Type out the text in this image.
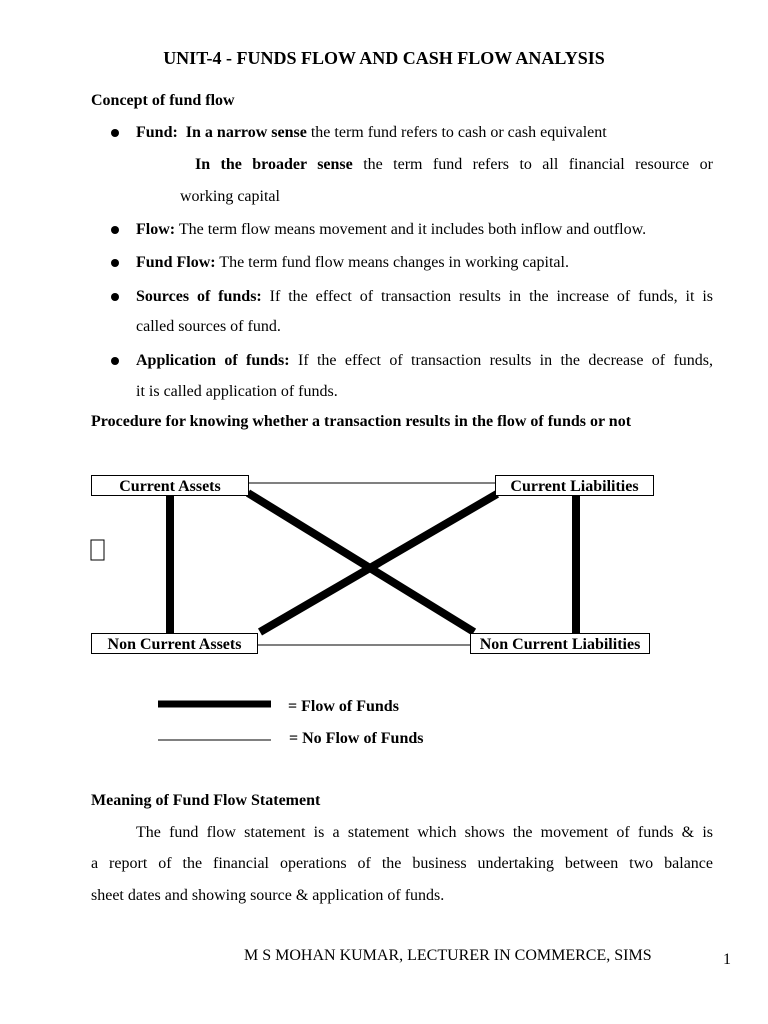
UNIT-4 - FUNDS FLOW AND CASH FLOW ANALYSIS
Concept of fund flow
Fund: In a narrow sense the term fund refers to cash or cash equivalent
In the broader sense the term fund refers to all financial resource or
working capital
Flow: The term flow means movement and it includes both inflow and outflow.
Fund Flow: The term fund flow means changes in working capital.
Sources of funds: If the effect of transaction results in the increase of funds, it is
called sources of fund.
Application of funds: If the effect of transaction results in the decrease of funds,
it is called application of funds.
Procedure for knowing whether a transaction results in the flow of funds or not
Current Assets	Current Liabilities
Non Current Assets	Non Current Liabilities
= Flow of Funds
= No Flow of Funds
Meaning of Fund Flow Statement
The fund flow statement is a statement which shows the movement of funds & is
a report of the financial operations of the business undertaking between two balance
sheet dates and showing source & application of funds.
M S MOHAN KUMAR, LECTURER IN COMMERCE, SIMS	1
